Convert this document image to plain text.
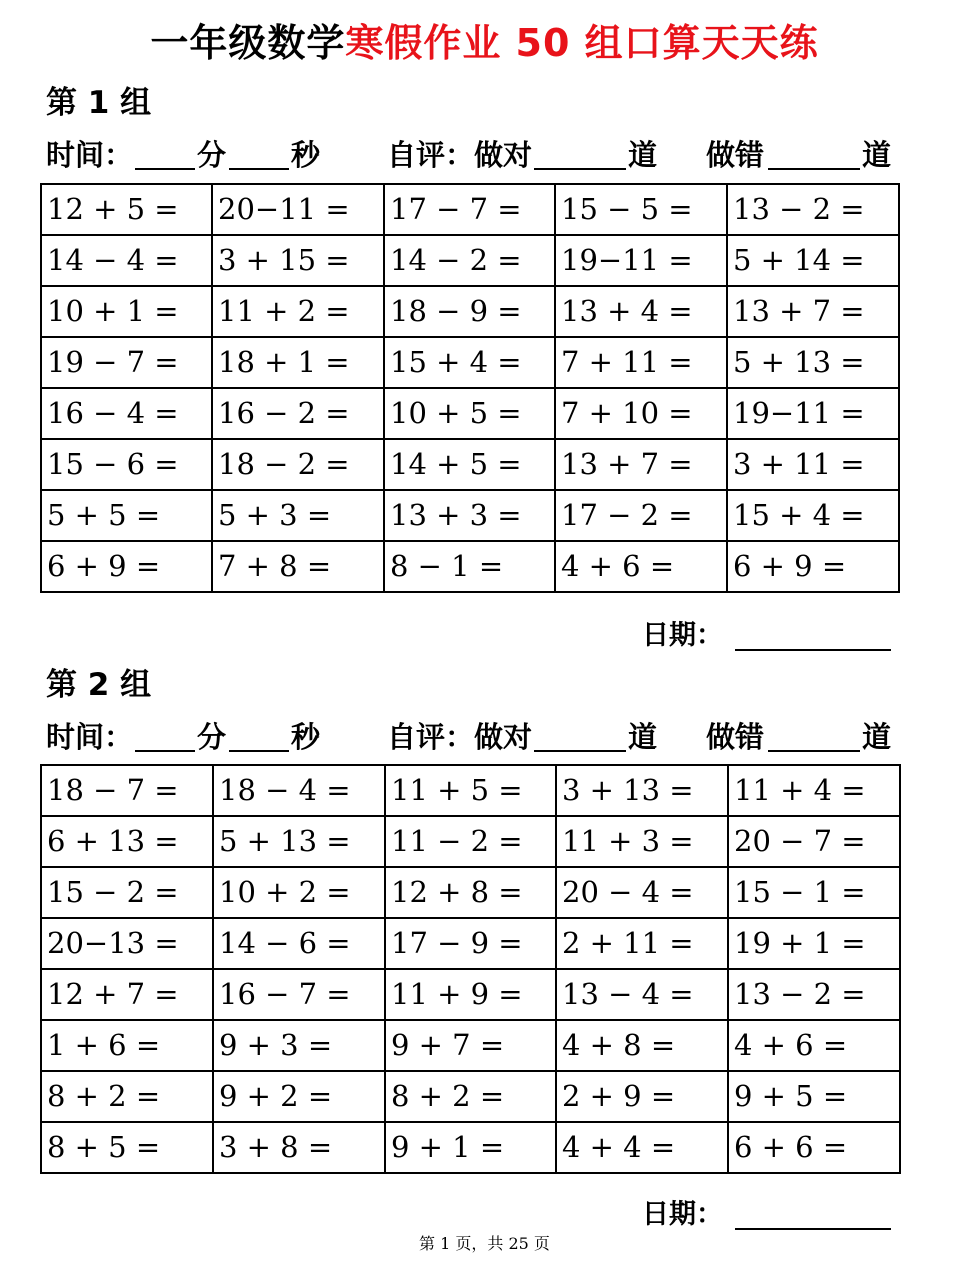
一年级数学寒假作业 50 组口算天天练
第 1 组
时间： 分 秒 自评：做对	道 做错	道
12 + 5 =	20−11 =	17 − 7 =	15 − 5 =	13 − 2 =
14 − 4 =	3 + 15 =	14 − 2 =	19−11 =	5 + 14 =
10 + 1 =	11 + 2 =	18 − 9 =	13 + 4 =	13 + 7 =
19 − 7 =	18 + 1 =	15 + 4 =	7 + 11 =	5 + 13 =
16 − 4 =	16 − 2 =	10 + 5 =	7 + 10 =	19−11 =
15 − 6 =	18 − 2 =	14 + 5 =	13 + 7 =	3 + 11 =
5 + 5 =	5 + 3 =	13 + 3 =	17 − 2 =	15 + 4 =
6 + 9 =	7 + 8 =	8 − 1 =	4 + 6 =	6 + 9 =
日期：
第 2 组
时间： 分 秒 自评：做对	道 做错	道
18 − 7 =	18 − 4 =	11 + 5 =	3 + 13 =	11 + 4 =
6 + 13 =	5 + 13 =	11 − 2 =	11 + 3 =	20 − 7 =
15 − 2 =	10 + 2 =	12 + 8 =	20 − 4 =	15 − 1 =
20−13 =	14 − 6 =	17 − 9 =	2 + 11 =	19 + 1 =
12 + 7 =	16 − 7 =	11 + 9 =	13 − 4 =	13 − 2 =
1 + 6 =	9 + 3 =	9 + 7 =	4 + 8 =	4 + 6 =
8 + 2 =	9 + 2 =	8 + 2 =	2 + 9 =	9 + 5 =
8 + 5 =	3 + 8 =	9 + 1 =	4 + 4 =	6 + 6 =
日期：
第 1 页，共 25 页
